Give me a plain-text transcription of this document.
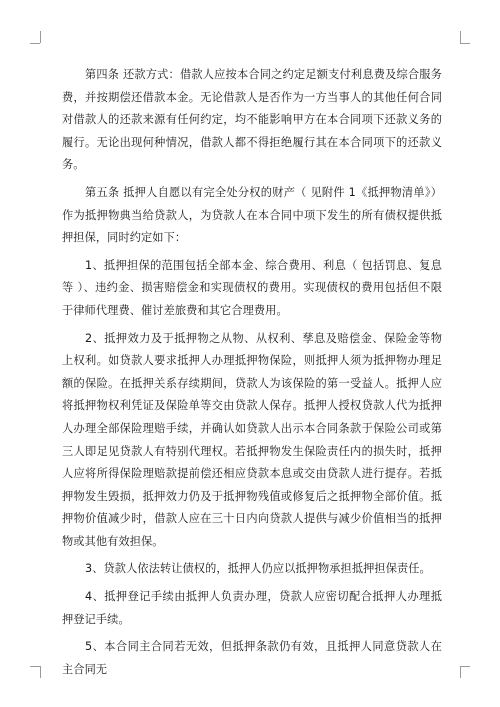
第四条 还款方式：借款人应按本合同之约定足额支付利息费及综合服务费，并按期偿还借款本金。无论借款人是否作为一方当事人的其他任何合同对借款人的还款来源有任何约定，均不能影响甲方在本合同项下还款义务的履行。无论出现何种情况，借款人都不得拒绝履行其在本合同项下的还款义务。

第五条 抵押人自愿以有完全处分权的财产（ 见附件 1《抵押物清单》）作为抵押物典当给贷款人，为贷款人在本合同中项下发生的所有债权提供抵押担保，同时约定如下：

1、抵押担保的范围包括全部本金、综合费用、利息（ 包括罚息、复息等 ）、违约金、损害赔偿金和实现债权的费用。实现债权的费用包括但不限于律师代理费、催讨差旅费和其它合理费用。

2、抵押效力及于抵押物之从物、从权利、孳息及赔偿金、保险金等物上权利。如贷款人要求抵押人办理抵押物保险，则抵押人须为抵押物办理足额的保险。在抵押关系存续期间，贷款人为该保险的第一受益人。抵押人应将抵押物权利凭证及保险单等交由贷款人保存。抵押人授权贷款人代为抵押人办理全部保险理赔手续，并确认如贷款人出示本合同条款于保险公司或第三人即足见贷款人有特别代理权。若抵押物发生保险责任内的损失时，抵押人应将所得保险理赔款提前偿还相应贷款本息或交由贷款人进行提存。若抵押物发生毁损，抵押效力仍及于抵押物残值或修复后之抵押物全部价值。抵押物价值减少时，借款人应在三十日内向贷款人提供与减少价值相当的抵押物或其他有效担保。

3、贷款人依法转让债权的，抵押人仍应以抵押物承担抵押担保责任。

4、抵押登记手续由抵押人负责办理，贷款人应密切配合抵押人办理抵押登记手续。

5、本合同主合同若无效，但抵押条款仍有效，且抵押人同意贷款人在主合同无
